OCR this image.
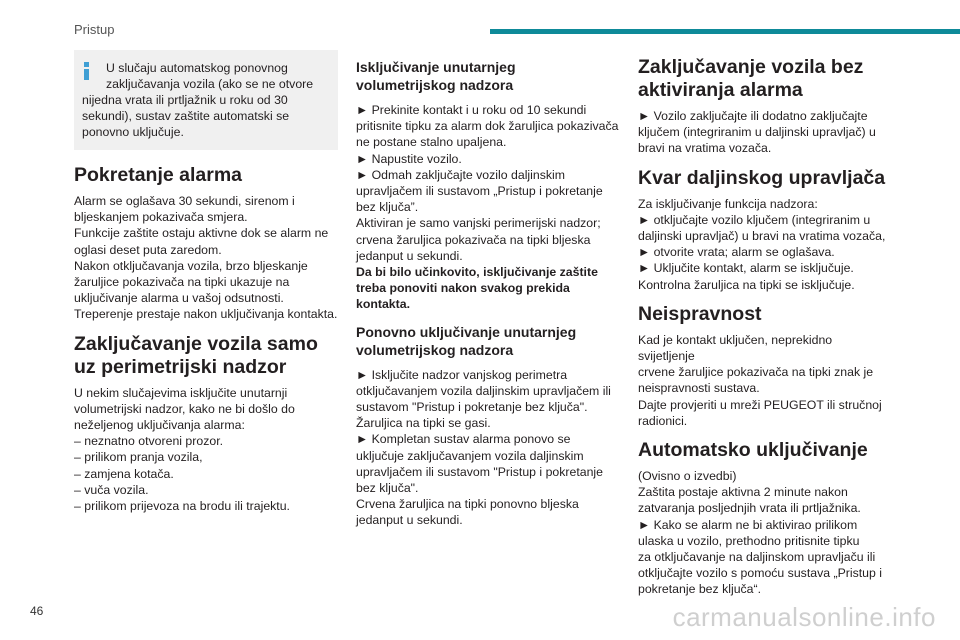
Pristup

U slučaju automatskog ponovnog
zaključavanja vozila (ako se ne otvore
nijedna vrata ili prtljažnik u roku od 30
sekundi), sustav zaštite automatski se
ponovno uključuje.

Pokretanje alarma

Alarm se oglašava 30 sekundi, sirenom i
bljeskanjem pokazivača smjera.
Funkcije zaštite ostaju aktivne dok se alarm ne
oglasi deset puta zaredom.
Nakon otključavanja vozila, brzo bljeskanje
žaruljice pokazivača na tipki ukazuje na
uključivanje alarma u vašoj odsutnosti.
Treperenje prestaje nakon uključivanja kontakta.

Zaključavanje vozila samo
uz perimetrijski nadzor

U nekim slučajevima isključite unutarnji
volumetrijski nadzor, kako ne bi došlo do
neželjenog uključivanja alarma:
– neznatno otvoreni prozor.
– prilikom pranja vozila,
– zamjena kotača.
– vuča vozila.
– prilikom prijevoza na brodu ili trajektu.

Isključivanje unutarnjeg
volumetrijskog nadzora

► Prekinite kontakt i u roku od 10 sekundi
pritisnite tipku za alarm dok žaruljica pokazivača
ne postane stalno upaljena.
► Napustite vozilo.
► Odmah zaključajte vozilo daljinskim
upravljačem ili sustavom „Pristup i pokretanje
bez ključa”.
Aktiviran je samo vanjski perimerijski nadzor;
crvena žaruljica pokazivača na tipki bljeska
jedanput u sekundi.

Da bi bilo učinkovito, isključivanje zaštite
treba ponoviti nakon svakog prekida
kontakta.

Ponovno uključivanje unutarnjeg
volumetrijskog nadzora

► Isključite nadzor vanjskog perimetra
otključavanjem vozila daljinskim upravljačem ili
sustavom "Pristup i pokretanje bez ključa".
Žaruljica na tipki se gasi.
► Kompletan sustav alarma ponovo se
uključuje zaključavanjem vozila daljinskim
upravljačem ili sustavom "Pristup i pokretanje
bez ključa".
Crvena žaruljica na tipki ponovno bljeska
jedanput u sekundi.

Zaključavanje vozila bez
aktiviranja alarma

► Vozilo zaključajte ili dodatno zaključajte
ključem (integriranim u daljinski upravljač) u
bravi na vratima vozača.

Kvar daljinskog upravljača

Za isključivanje funkcija nadzora:
► otključajte vozilo ključem (integriranim u
daljinski upravljač) u bravi na vratima vozača,
► otvorite vrata; alarm se oglašava.
► Uključite kontakt, alarm se isključuje.
Kontrolna žaruljica na tipki se isključuje.

Neispravnost

Kad je kontakt uključen, neprekidno svijetljenje
crvene žaruljice pokazivača na tipki znak je
neispravnosti sustava.
Dajte provjeriti u mreži PEUGEOT ili stručnoj
radionici.

Automatsko uključivanje

(Ovisno o izvedbi)
Zaštita postaje aktivna 2 minute nakon
zatvaranja posljednjih vrata ili prtljažnika.
► Kako se alarm ne bi aktivirao prilikom
ulaska u vozilo, prethodno pritisnite tipku
za otključavanje na daljinskom upravljaču ili
otključajte vozilo s pomoću sustava „Pristup i
pokretanje bez ključa“.

46	carmanualsonline.info
